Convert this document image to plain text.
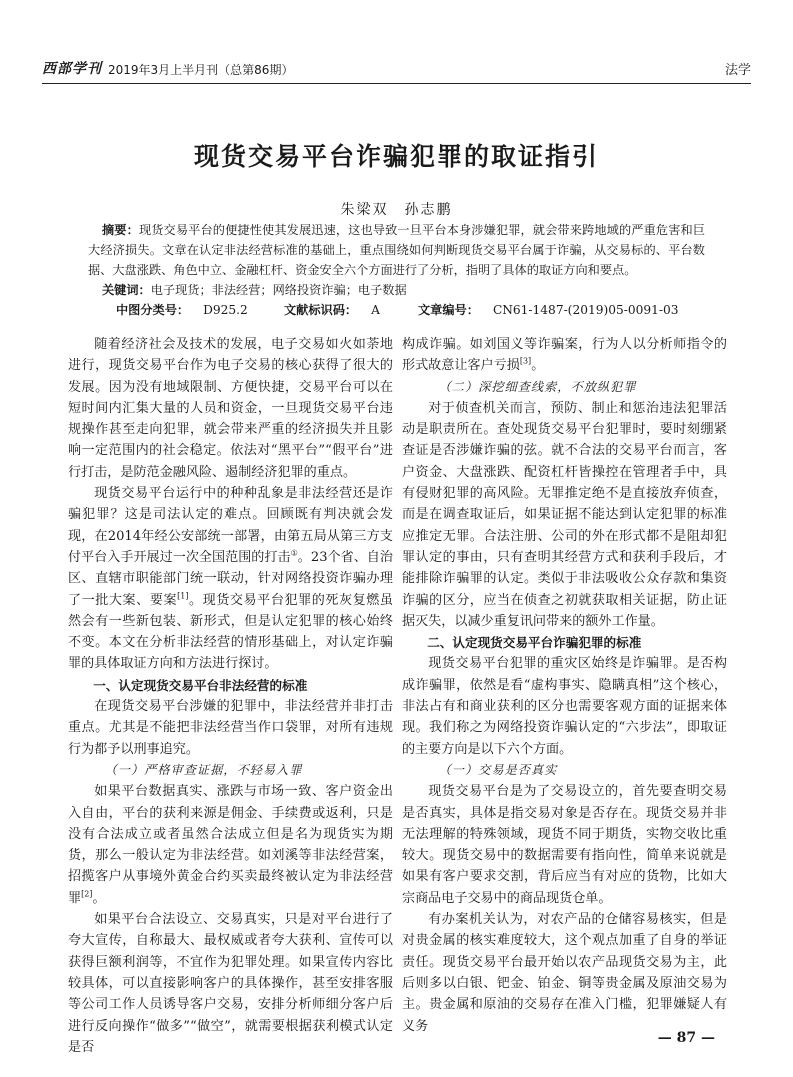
西部学刊 2019年3月上半月刊（总第86期）	法学
现货交易平台诈骗犯罪的取证指引
朱梁双　孙志鹏
摘要：现货交易平台的便捷性使其发展迅速，这也导致一旦平台本身涉嫌犯罪，就会带来跨地域的严重危害和巨大经济损失。文章在认定非法经营标准的基础上，重点围绕如何判断现货交易平台属于诈骗，从交易标的、平台数据、大盘涨跌、角色中立、金融杠杆、资金安全六个方面进行了分析，指明了具体的取证方向和要点。
关键词：电子现货；非法经营；网络投资诈骗；电子数据
中图分类号： D925.2	文献标识码： A	文章编号： CN61-1487-(2019)05-0091-03

随着经济社会及技术的发展，电子交易如火如荼地进行，现货交易平台作为电子交易的核心获得了很大的发展。因为没有地域限制、方便快捷，交易平台可以在短时间内汇集大量的人员和资金，一旦现货交易平台违规操作甚至走向犯罪，就会带来严重的经济损失并且影响一定范围内的社会稳定。依法对“黑平台”“假平台”进行打击，是防范金融风险、遏制经济犯罪的重点。

现货交易平台运行中的种种乱象是非法经营还是诈骗犯罪？这是司法认定的难点。回顾既有判决就会发现，在2014年经公安部统一部署，由第五局从第三方支付平台入手开展过一次全国范围的打击①。23个省、自治区、直辖市职能部门统一联动，针对网络投资诈骗办理了一批大案、要案[1]。现货交易平台犯罪的死灰复燃虽然会有一些新包装、新形式，但是认定犯罪的核心始终不变。本文在分析非法经营的情形基础上，对认定诈骗罪的具体取证方向和方法进行探讨。

一、认定现货交易平台非法经营的标准

在现货交易平台涉嫌的犯罪中，非法经营并非打击重点。尤其是不能把非法经营当作口袋罪，对所有违规行为都予以刑事追究。

（一）严格审查证据，不轻易入罪

如果平台数据真实、涨跌与市场一致、客户资金出入自由，平台的获利来源是佣金、手续费或返利，只是没有合法成立或者虽然合法成立但是名为现货实为期货，那么一般认定为非法经营。如刘溪等非法经营案，招揽客户从事境外黄金合约买卖最终被认定为非法经营罪[2]。

如果平台合法设立、交易真实，只是对平台进行了夸大宣传，自称最大、最权威或者夸大获利、宣传可以获得巨额利润等，不宜作为犯罪处理。如果宣传内容比较具体，可以直接影响客户的具体操作，甚至安排客服等公司工作人员诱导客户交易，安排分析师细分客户后进行反向操作“做多”“做空”，就需要根据获利模式认定是否

构成诈骗。如刘国义等诈骗案，行为人以分析师指令的形式故意让客户亏损[3]。

（二）深挖细查线索，不放纵犯罪

对于侦查机关而言，预防、制止和惩治违法犯罪活动是职责所在。查处现货交易平台犯罪时，要时刻绷紧查证是否涉嫌诈骗的弦。就不合法的交易平台而言，客户资金、大盘涨跌、配资杠杆皆操控在管理者手中，具有侵财犯罪的高风险。无罪推定绝不是直接放弃侦查，而是在调查取证后，如果证据不能达到认定犯罪的标准应推定无罪。合法注册、公司的外在形式都不是阻却犯罪认定的事由，只有查明其经营方式和获利手段后，才能排除诈骗罪的认定。类似于非法吸收公众存款和集资诈骗的区分，应当在侦查之初就获取相关证据，防止证据灭失，以减少重复讯问带来的额外工作量。

二、认定现货交易平台诈骗犯罪的标准

现货交易平台犯罪的重灾区始终是诈骗罪。是否构成诈骗罪，依然是看“虚构事实、隐瞒真相”这个核心，非法占有和商业获利的区分也需要客观方面的证据来体现。我们称之为网络投资诈骗认定的“六步法”，即取证的主要方向是以下六个方面。

（一）交易是否真实

现货交易平台是为了交易设立的，首先要查明交易是否真实，具体是指交易对象是否存在。现货交易并非无法理解的特殊领域，现货不同于期货，实物交收比重较大。现货交易中的数据需要有指向性，简单来说就是如果有客户要求交割，背后应当有对应的货物，比如大宗商品电子交易中的商品现货仓单。

有办案机关认为，对农产品的仓储容易核实，但是对贵金属的核实难度较大，这个观点加重了自身的举证责任。现货交易平台最开始以农产品现货交易为主，此后则多以白银、钯金、铂金、铜等贵金属及原油交易为主。贵金属和原油的交易存在准入门槛，犯罪嫌疑人有义务

— 87 —
